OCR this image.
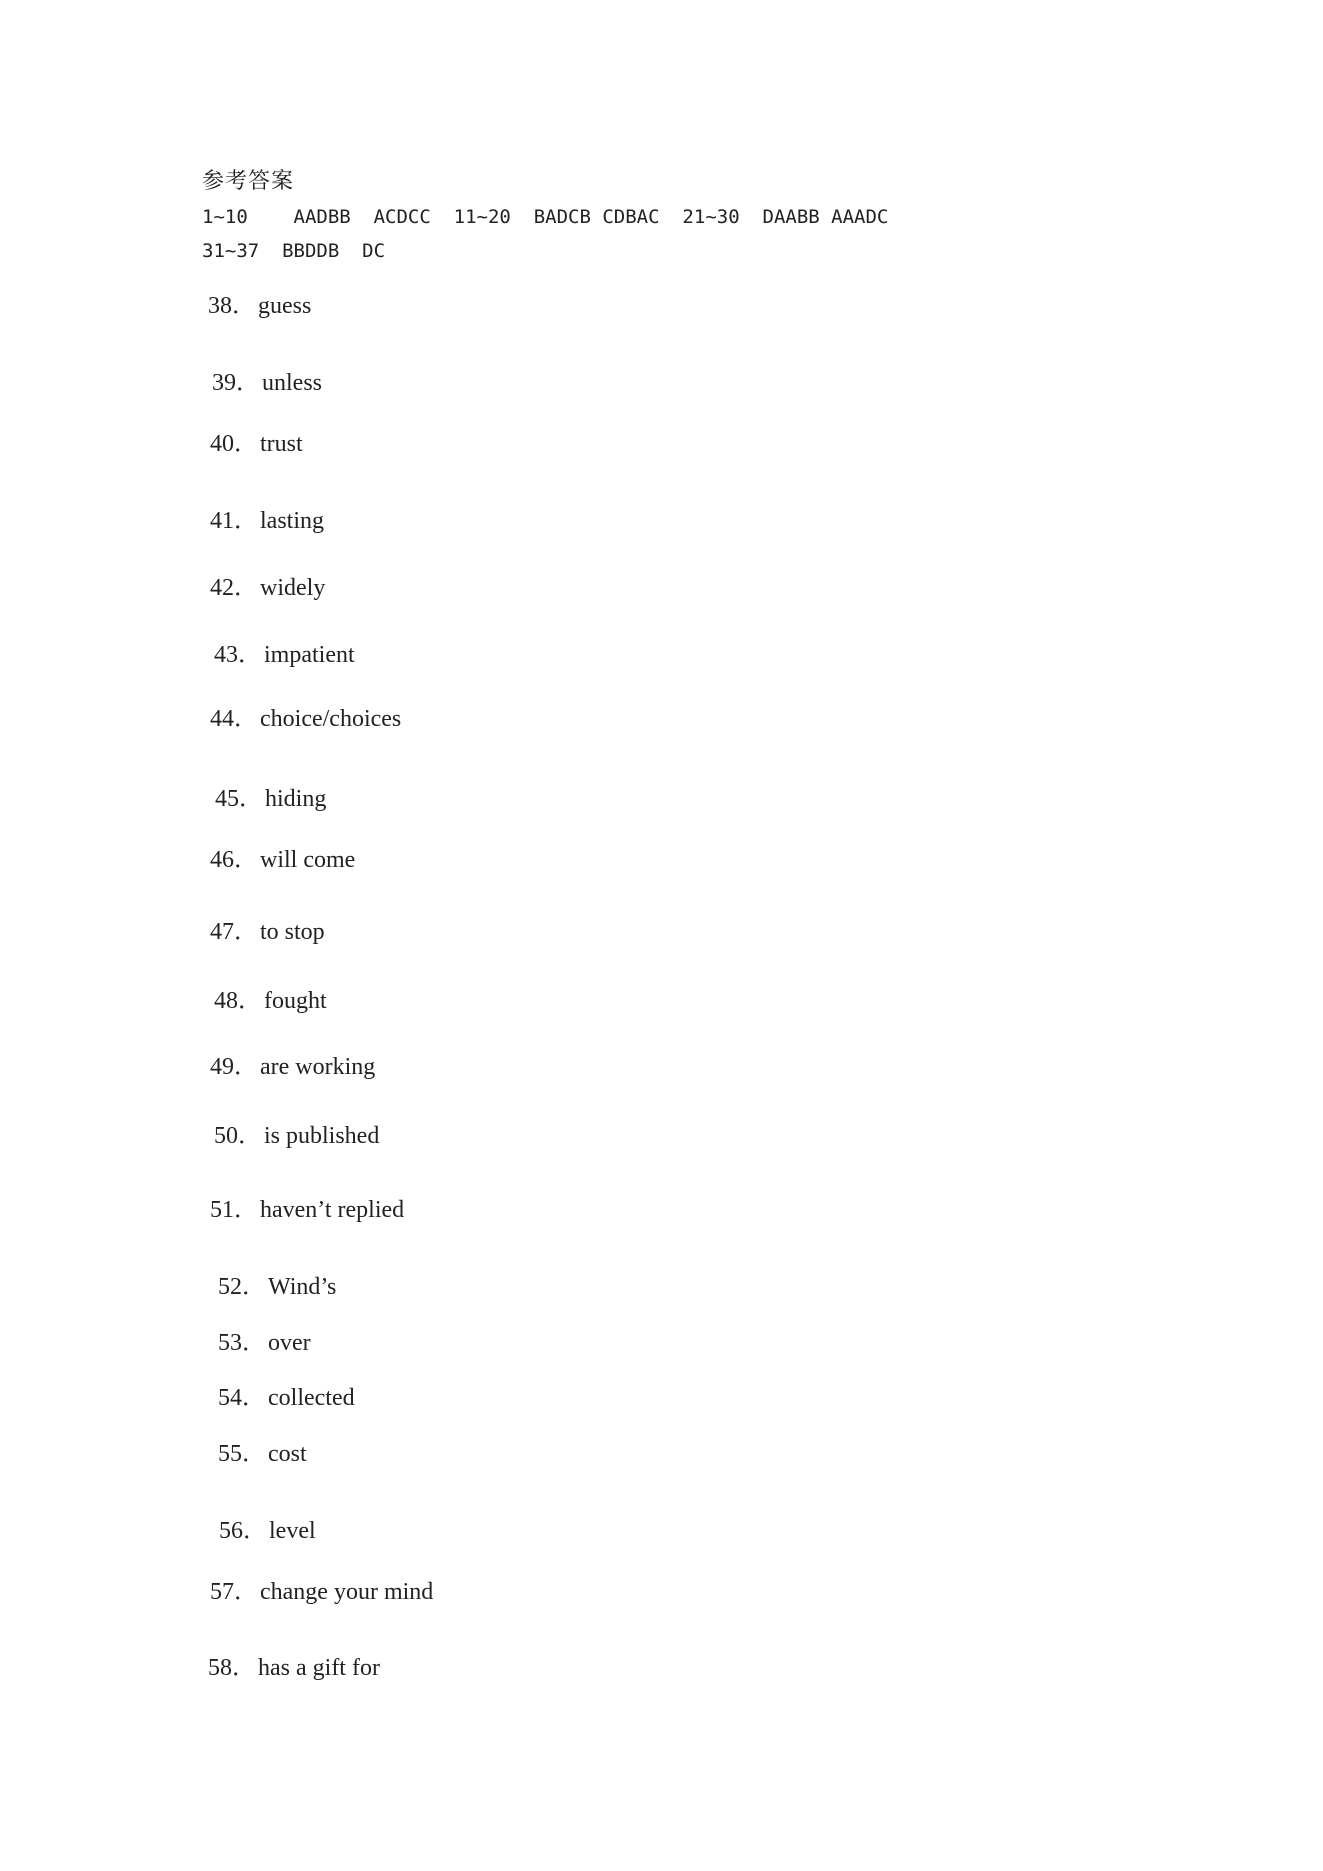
参考答案
1~10    AADBB  ACDCC  11~20  BADCB CDBAC  21~30  DAABB AAADC
31~37  BBDDB  DC
38．guess
39．unless
40．trust
41．lasting
42．widely
43．impatient
44．choice/choices
45．hiding
46．will come
47．to stop
48．fought
49．are working
50．is published
51．haven’t replied
52．Wind’s
53．over
54．collected
55．cost
56．level
57．change your mind
58．has a gift for
